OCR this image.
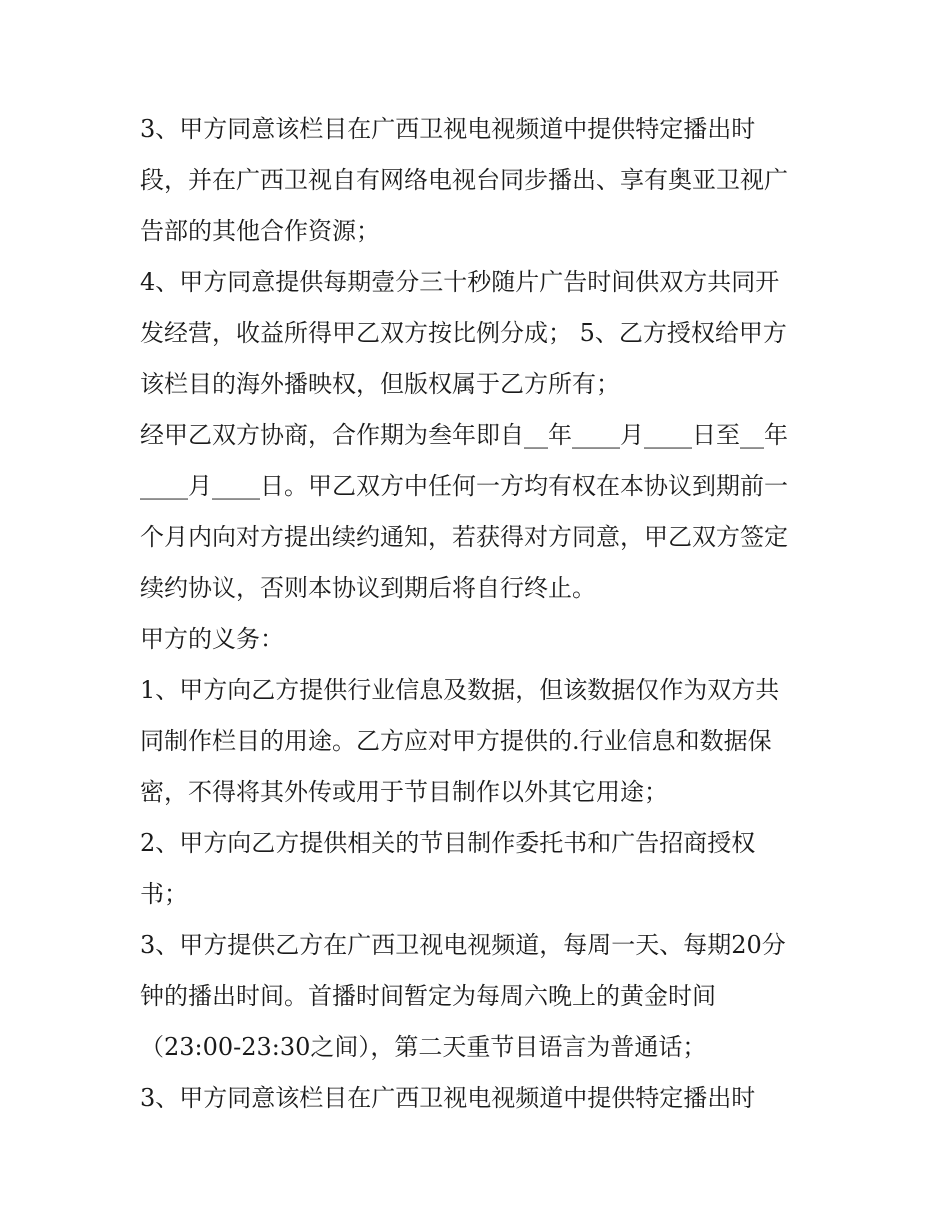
3、甲方同意该栏目在广西卫视电视频道中提供特定播出时

段，并在广西卫视自有网络电视台同步播出、享有奥亚卫视广

告部的其他合作资源；

4、甲方同意提供每期壹分三十秒随片广告时间供双方共同开

发经营，收益所得甲乙双方按比例分成； 5、乙方授权给甲方

该栏目的海外播映权，但版权属于乙方所有；

经甲乙双方协商，合作期为叁年即自__年____月____日至__年

____月____日。甲乙双方中任何一方均有权在本协议到期前一

个月内向对方提出续约通知，若获得对方同意，甲乙双方签定

续约协议，否则本协议到期后将自行终止。

甲方的义务：

1、甲方向乙方提供行业信息及数据，但该数据仅作为双方共

同制作栏目的用途。乙方应对甲方提供的.行业信息和数据保

密，不得将其外传或用于节目制作以外其它用途；

2、甲方向乙方提供相关的节目制作委托书和广告招商授权

书；

3、甲方提供乙方在广西卫视电视频道，每周一天、每期20分

钟的播出时间。首播时间暂定为每周六晚上的黄金时间

（23:00-23:30之间），第二天重节目语言为普通话；

3、甲方同意该栏目在广西卫视电视频道中提供特定播出时
